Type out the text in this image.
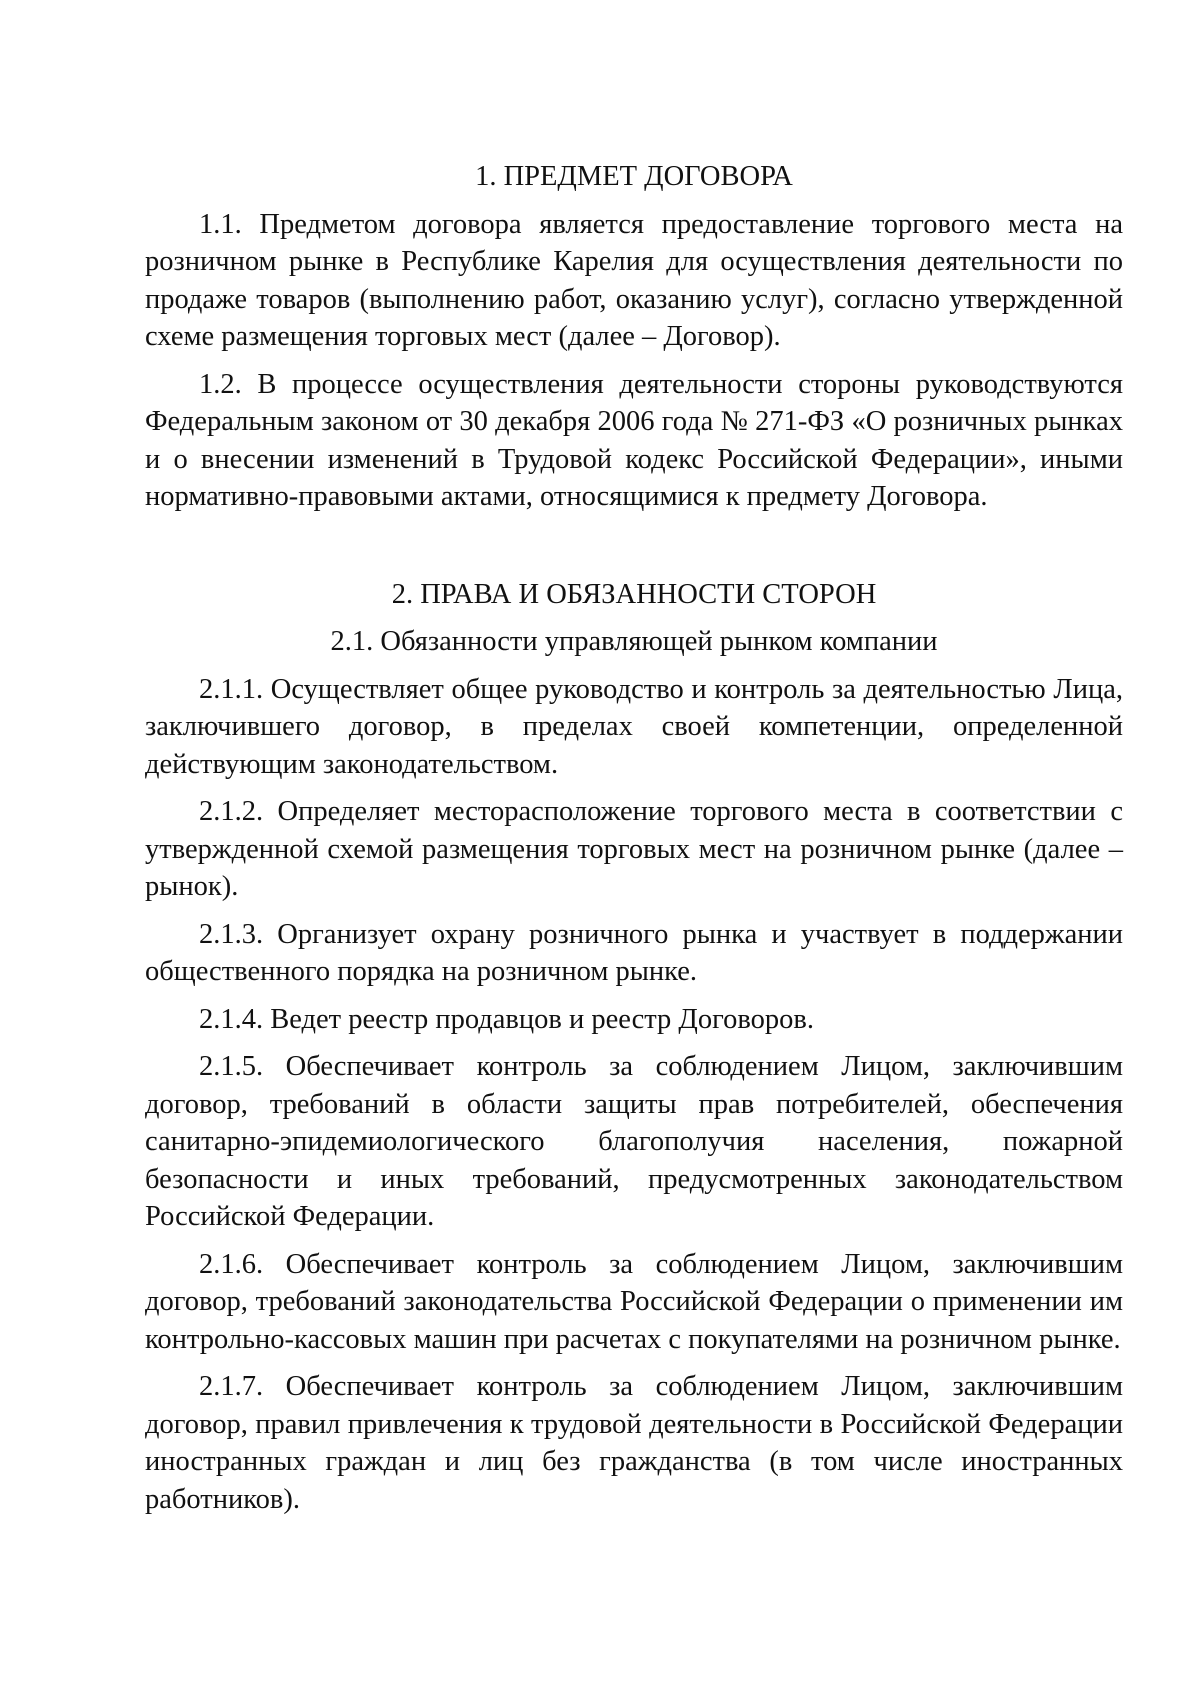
1. ПРЕДМЕТ ДОГОВОРА

1.1. Предметом договора является предоставление торгового места на розничном рынке в Республике Карелия для осуществления деятельности по продаже товаров (выполнению работ, оказанию услуг), согласно утвержденной схеме размещения торговых мест (далее – Договор).

1.2. В процессе осуществления деятельности стороны руководствуются Федеральным законом от 30 декабря 2006 года № 271-ФЗ «О розничных рынках и о внесении изменений в Трудовой кодекс Российской Федерации», иными нормативно-правовыми актами, относящимися к предмету Договора.

2. ПРАВА И ОБЯЗАННОСТИ СТОРОН
2.1. Обязанности управляющей рынком компании

2.1.1. Осуществляет общее руководство и контроль за деятельностью Лица, заключившего договор, в пределах своей компетенции, определенной действующим законодательством.

2.1.2. Определяет месторасположение торгового места в соответствии с утвержденной схемой размещения торговых мест на розничном рынке (далее – рынок).

2.1.3. Организует охрану розничного рынка и участвует в поддержании общественного порядка на розничном рынке.

2.1.4. Ведет реестр продавцов и реестр Договоров.

2.1.5. Обеспечивает контроль за соблюдением Лицом, заключившим договор, требований в области защиты прав потребителей, обеспечения санитарно-эпидемиологического благополучия населения, пожарной безопасности и иных требований, предусмотренных законодательством Российской Федерации.

2.1.6. Обеспечивает контроль за соблюдением Лицом, заключившим договор, требований законодательства Российской Федерации о применении им контрольно-кассовых машин при расчетах с покупателями на розничном рынке.

2.1.7. Обеспечивает контроль за соблюдением Лицом, заключившим договор, правил привлечения к трудовой деятельности в Российской Федерации иностранных граждан и лиц без гражданства (в том числе иностранных работников).
